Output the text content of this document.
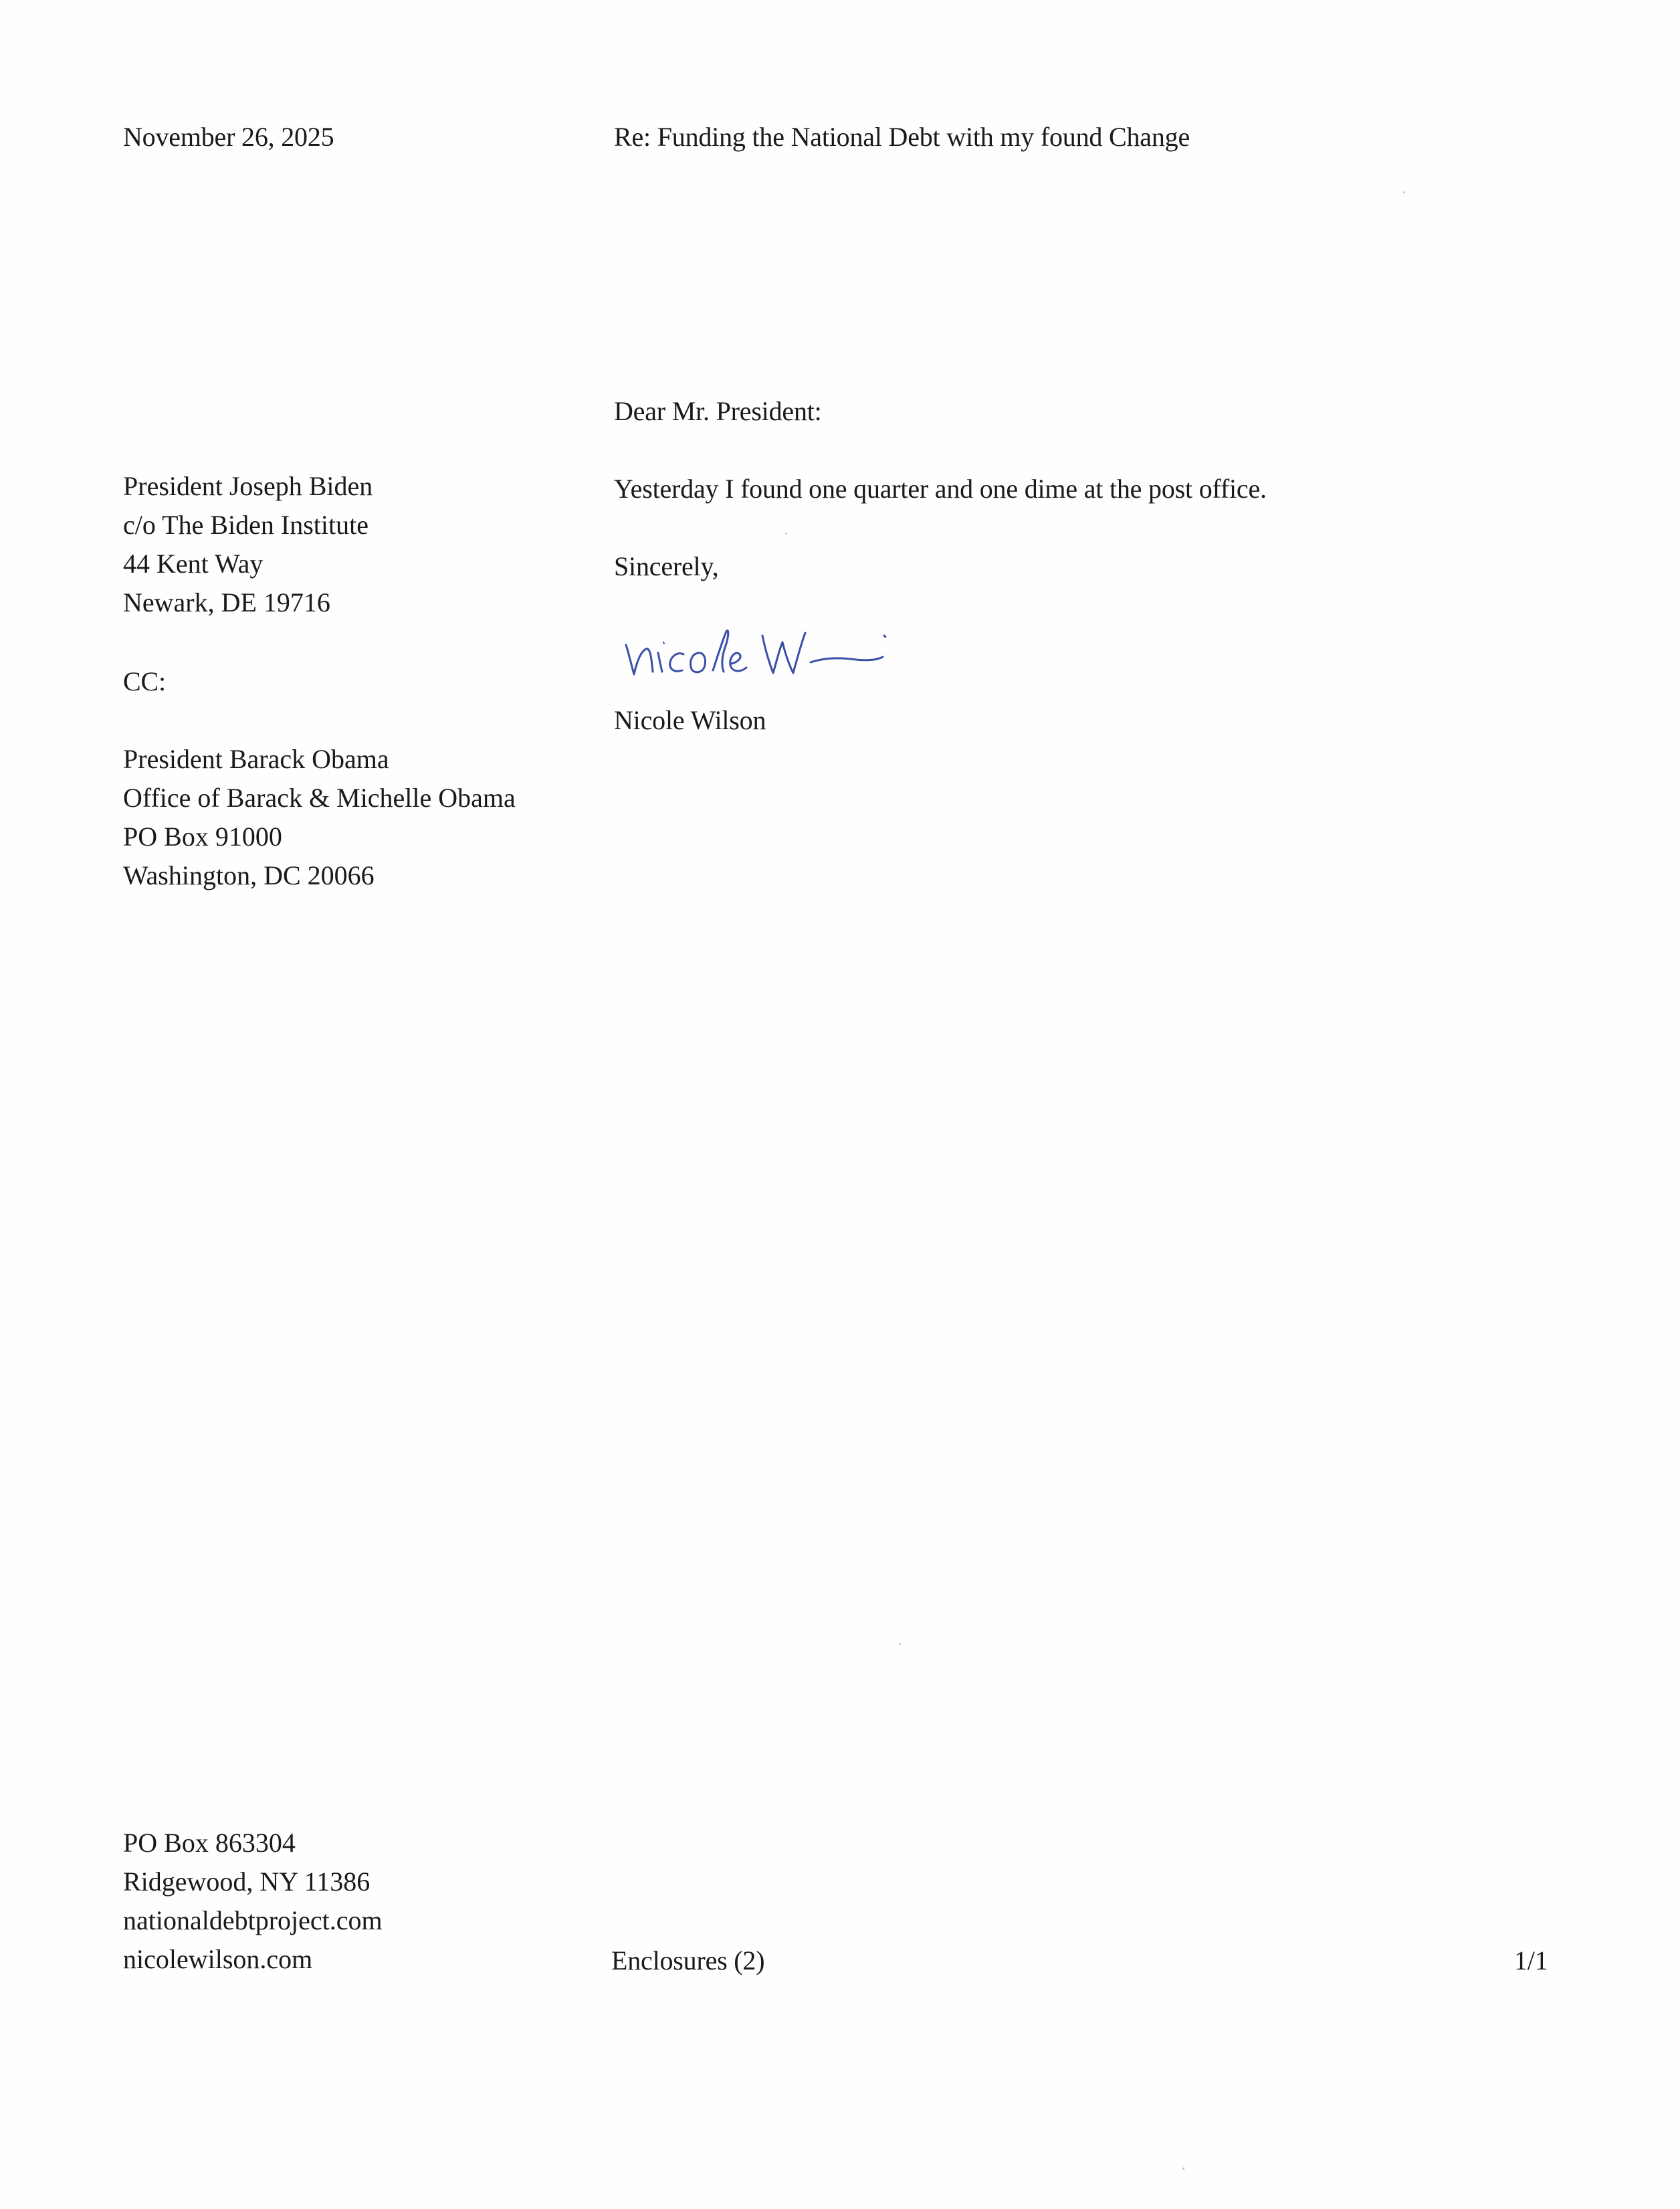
November 26, 2025	Re: Funding the National Debt with my found Change
Dear Mr. President:
Yesterday I found one quarter and one dime at the post office.
Sincerely,
Nicole Wilson
President Joseph Biden
c/o The Biden Institute
44 Kent Way
Newark, DE 19716
CC:
President Barack Obama
Office of Barack & Michelle Obama
PO Box 91000
Washington, DC 20066
PO Box 863304
Ridgewood, NY 11386
nationaldebtproject.com
nicolewilson.com	Enclosures (2)	1/1
